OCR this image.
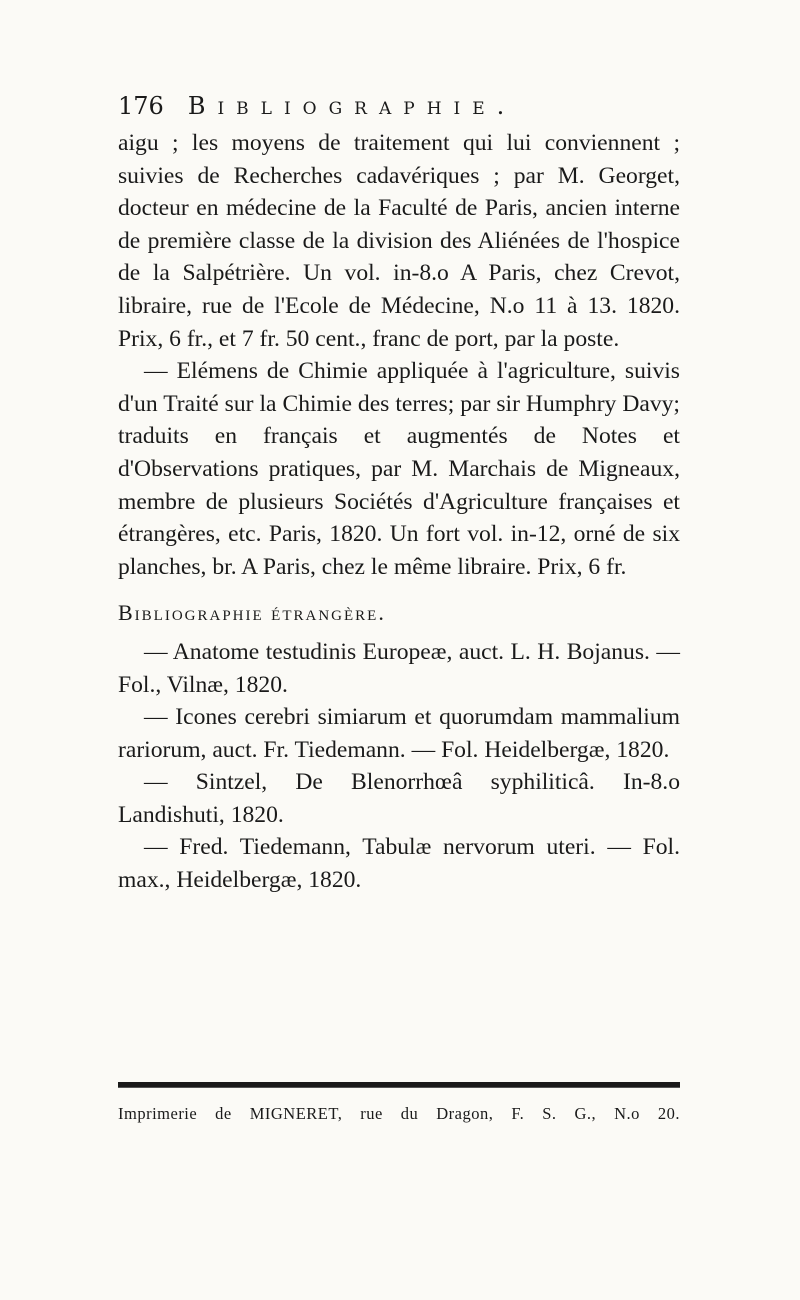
176 Bibliographie.

aigu ; les moyens de traitement qui lui conviennent ; suivies de Recherches cadavériques ; par M. Georget, docteur en médecine de la Faculté de Paris, ancien interne de première classe de la division des Aliénées de l'hospice de la Salpétrière. Un vol. in-8.o A Paris, chez Crevot, libraire, rue de l'Ecole de Médecine, N.o 11 à 13. 1820. Prix, 6 fr., et 7 fr. 50 cent., franc de port, par la poste.

— Elémens de Chimie appliquée à l'agriculture, suivis d'un Traité sur la Chimie des terres; par sir Humphry Davy; traduits en français et augmentés de Notes et d'Observations pratiques, par M. Marchais de Migneaux, membre de plusieurs Sociétés d'Agriculture françaises et étrangères, etc. Paris, 1820. Un fort vol. in-12, orné de six planches, br. A Paris, chez le même libraire. Prix, 6 fr.

Bibliographie étrangère.

— Anatome testudinis Europeæ, auct. L. H. Bojanus. — Fol., Vilnæ, 1820.

— Icones cerebri simiarum et quorumdam mammalium rariorum, auct. Fr. Tiedemann. — Fol. Heidelbergæ, 1820.

— Sintzel, De Blenorrhœâ syphiliticâ. In-8.o Landishuti, 1820.

— Fred. Tiedemann, Tabulæ nervorum uteri. — Fol. max., Heidelbergæ, 1820.

Imprimerie de MIGNERET, rue du Dragon, F. S. G., N.o 20.
